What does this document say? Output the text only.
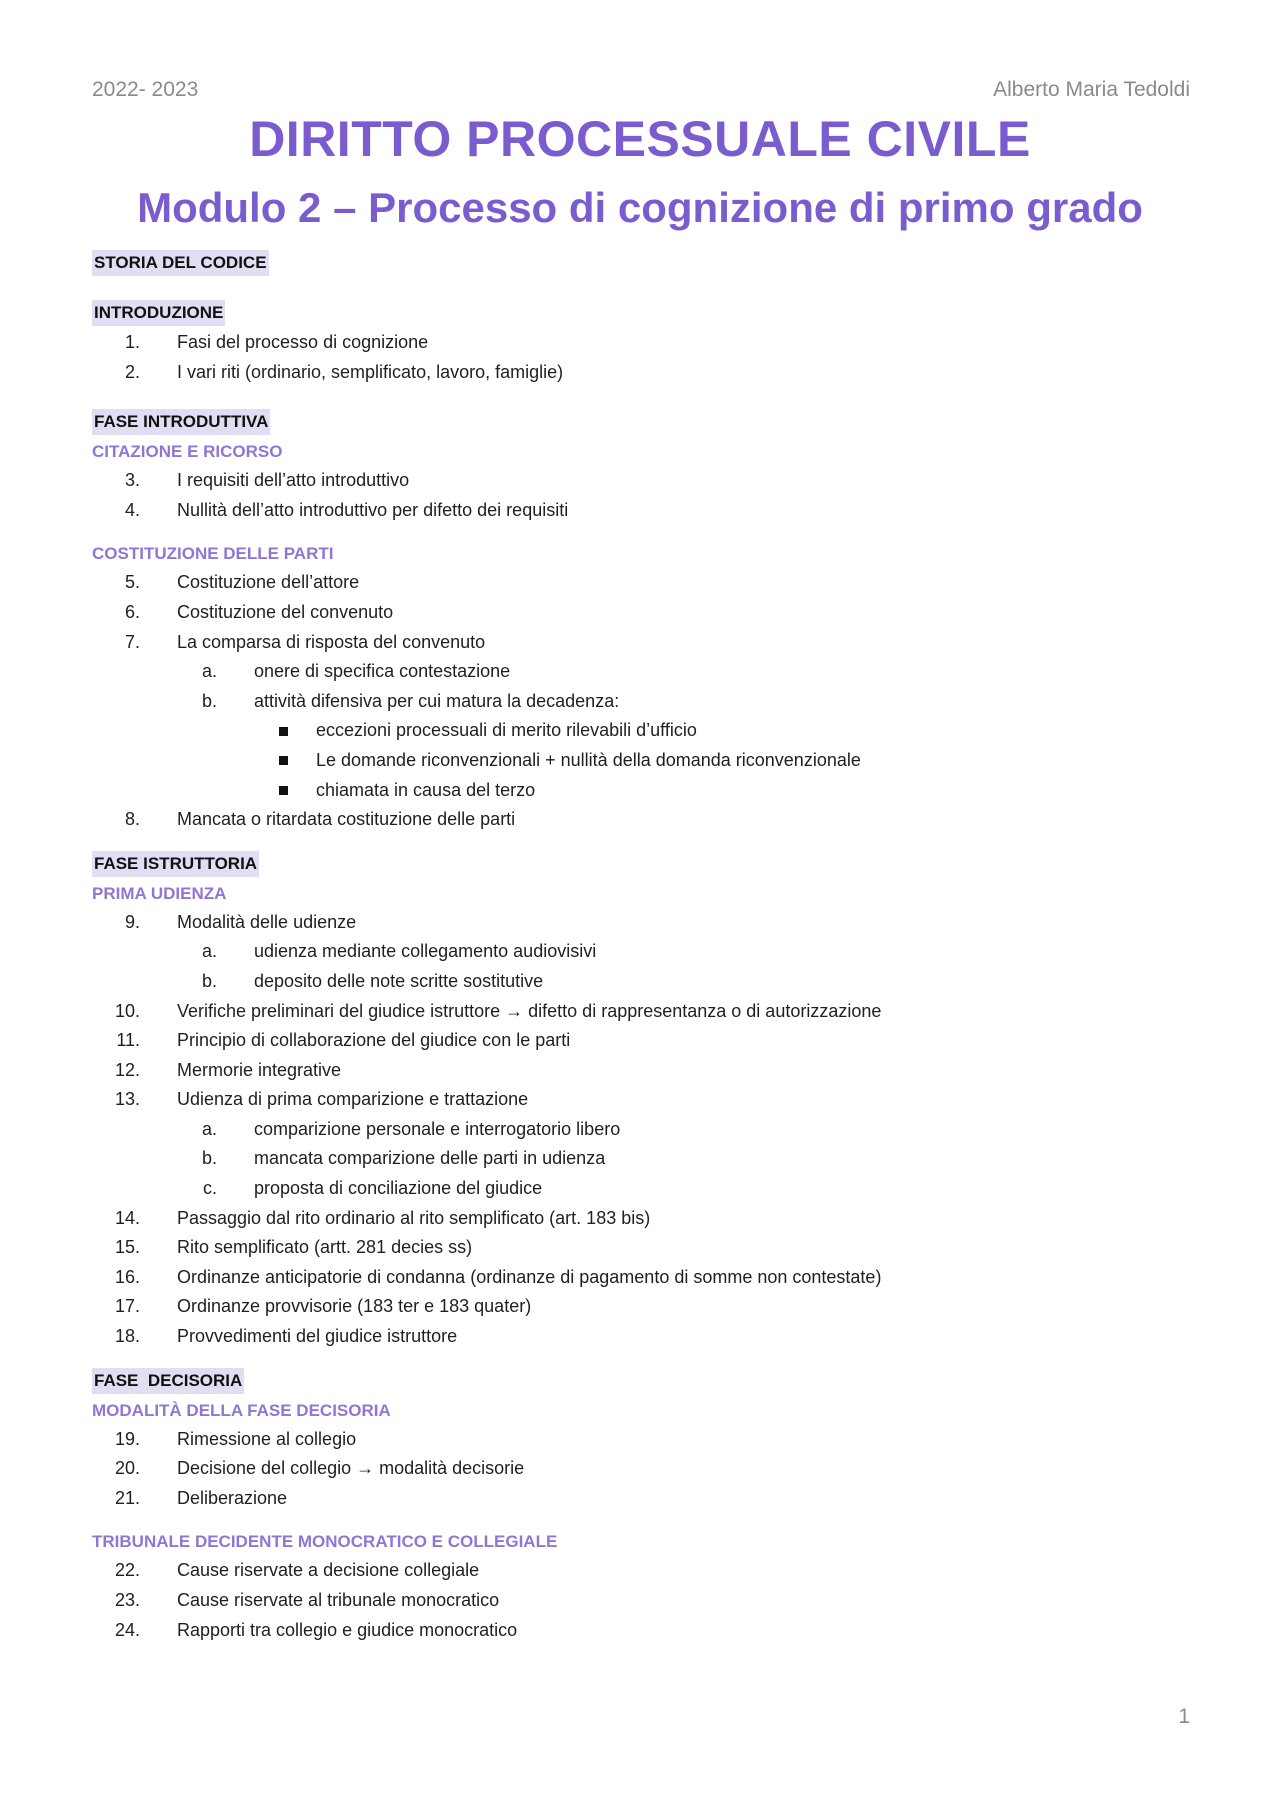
2022- 2023	Alberto Maria Tedoldi
DIRITTO PROCESSUALE CIVILE
Modulo 2 – Processo di cognizione di primo grado
STORIA DEL CODICE
INTRODUZIONE
1.	Fasi del processo di cognizione
2.	I vari riti (ordinario, semplificato, lavoro, famiglie)
FASE INTRODUTTIVA
CITAZIONE E RICORSO
3.	I requisiti dell’atto introduttivo
4.	Nullità dell’atto introduttivo per difetto dei requisiti
COSTITUZIONE DELLE PARTI
5.	Costituzione dell’attore
6.	Costituzione del convenuto
7.	La comparsa di risposta del convenuto
a.	onere di specifica contestazione
b.	attività difensiva per cui matura la decadenza:
eccezioni processuali di merito rilevabili d’ufficio
Le domande riconvenzionali + nullità della domanda riconvenzionale
chiamata in causa del terzo
8.	Mancata o ritardata costituzione delle parti
FASE ISTRUTTORIA
PRIMA UDIENZA
9.	Modalità delle udienze
a.	udienza mediante collegamento audiovisivi
b.	deposito delle note scritte sostitutive
10.	Verifiche preliminari del giudice istruttore → difetto di rappresentanza o di autorizzazione
11.	Principio di collaborazione del giudice con le parti
12.	Mermorie integrative
13.	Udienza di prima comparizione e trattazione
a.	comparizione personale e interrogatorio libero
b.	mancata comparizione delle parti in udienza
c.	proposta di conciliazione del giudice
14.	Passaggio dal rito ordinario al rito semplificato (art. 183 bis)
15.	Rito semplificato (artt. 281 decies ss)
16.	Ordinanze anticipatorie di condanna (ordinanze di pagamento di somme non contestate)
17.	Ordinanze provvisorie (183 ter e 183 quater)
18.	Provvedimenti del giudice istruttore
FASE  DECISORIA
MODALITÀ DELLA FASE DECISORIA
19.	Rimessione al collegio
20.	Decisione del collegio → modalità decisorie
21.	Deliberazione
TRIBUNALE DECIDENTE MONOCRATICO E COLLEGIALE
22.	Cause riservate a decisione collegiale
23.	Cause riservate al tribunale monocratico
24.	Rapporti tra collegio e giudice monocratico
1
